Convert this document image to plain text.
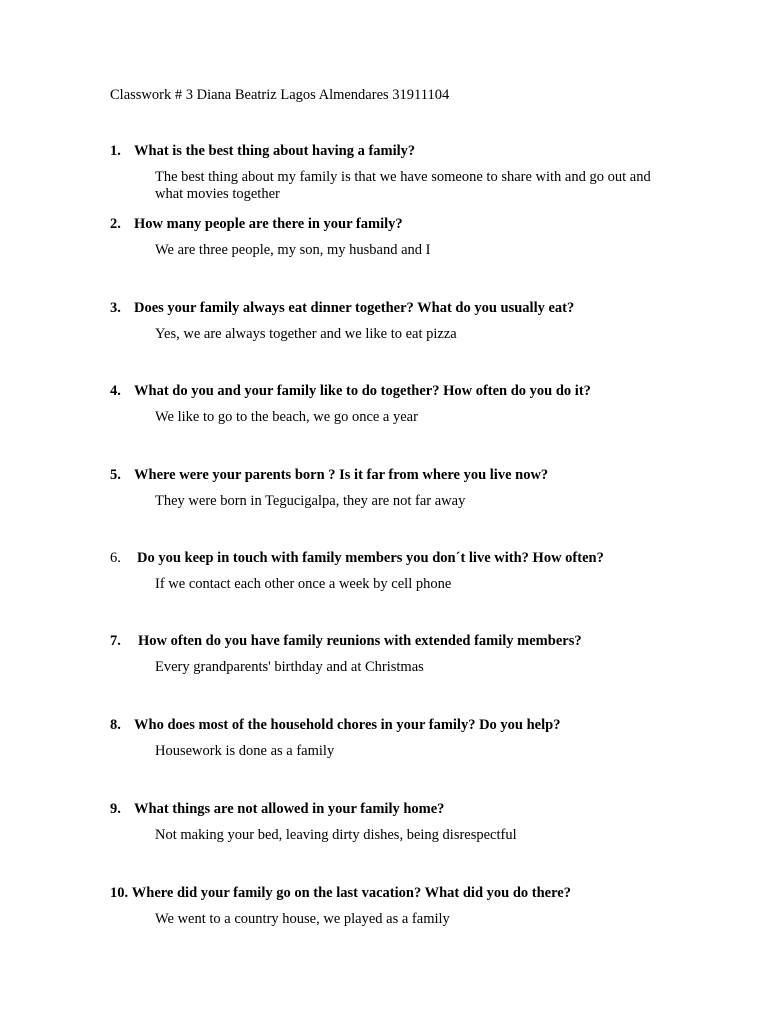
Classwork # 3 Diana Beatriz Lagos Almendares 31911104
1. What is the best thing about having a family?
The best thing about my family is that we have someone to share with and go out and what movies together
2. How many people are there in your family?
We are three people, my son, my husband and I
3. Does your family always eat dinner together? What do you usually eat?
Yes, we are always together and we like to eat pizza
4. What do you and your family like to do together? How often do you do it?
We like to go to the beach, we go once a year
5. Where were your parents born ? Is it far from where you live now?
They were born in Tegucigalpa, they are not far away
6. Do you keep in touch with family members you don´t live with? How often?
If we contact each other once a week by cell phone
7. How often do you have family reunions with extended family members?
Every grandparents' birthday and at Christmas
8. Who does most of the household chores in your family? Do you help?
Housework is done as a family
9. What things are not allowed in your family home?
Not making your bed, leaving dirty dishes, being disrespectful
10. Where did your family go on the last vacation? What did you do there?
We went to a country house, we played as a family
